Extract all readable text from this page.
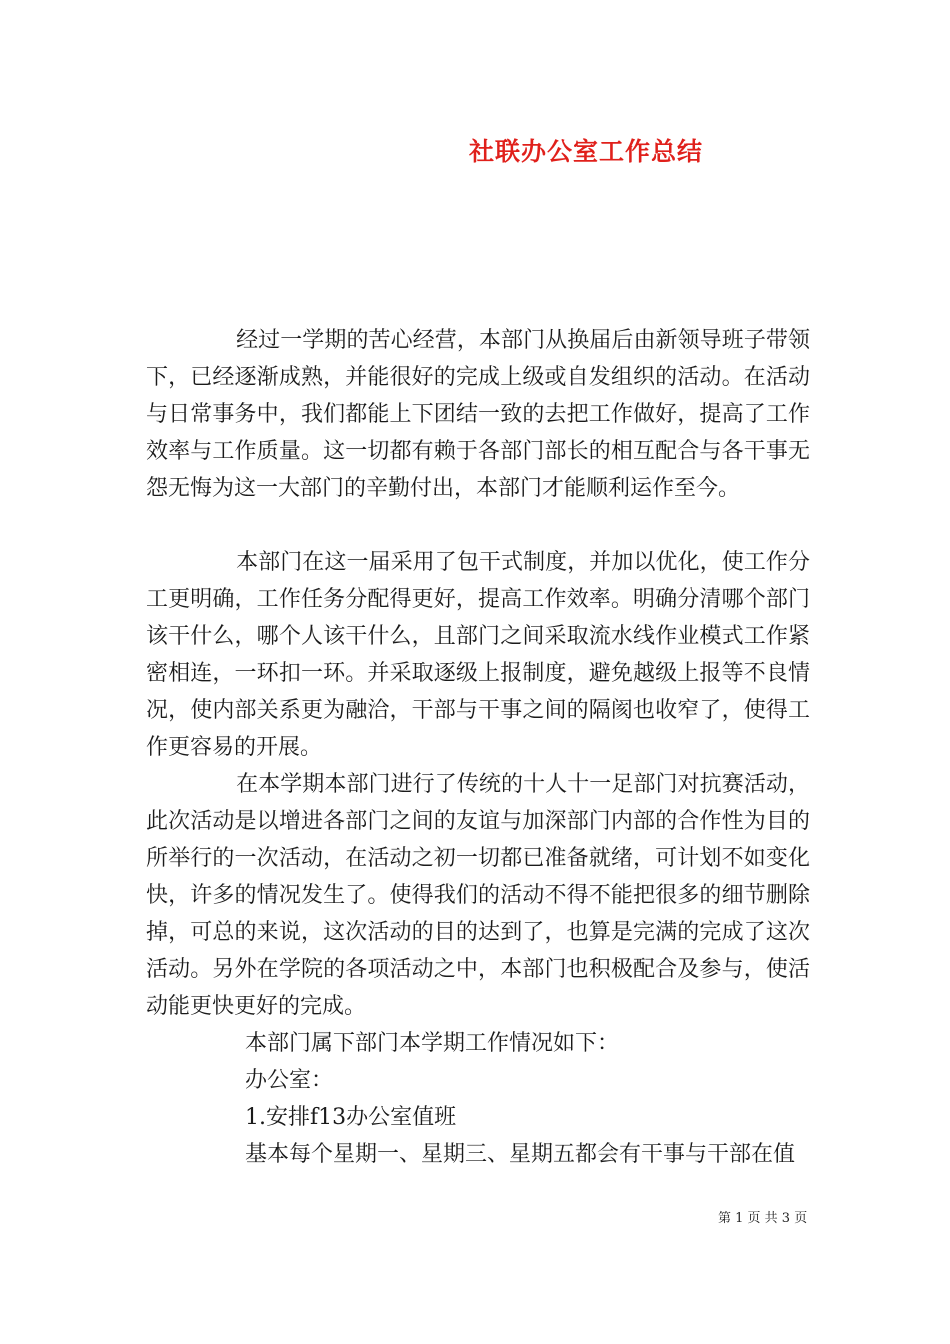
社联办公室工作总结

经过一学期的苦心经营，本部门从换届后由新领导班子带领下，已经逐渐成熟，并能很好的完成上级或自发组织的活动。在活动与日常事务中，我们都能上下团结一致的去把工作做好，提高了工作效率与工作质量。这一切都有赖于各部门部长的相互配合与各干事无怨无悔为这一大部门的辛勤付出，本部门才能顺利运作至今。

本部门在这一届采用了包干式制度，并加以优化，使工作分工更明确，工作任务分配得更好，提高工作效率。明确分清哪个部门该干什么，哪个人该干什么，且部门之间采取流水线作业模式工作紧密相连，一环扣一环。并采取逐级上报制度，避免越级上报等不良情况，使内部关系更为融洽，干部与干事之间的隔阂也收窄了，使得工作更容易的开展。

在本学期本部门进行了传统的十人十一足部门对抗赛活动，此次活动是以增进各部门之间的友谊与加深部门内部的合作性为目的所举行的一次活动，在活动之初一切都已准备就绪，可计划不如变化快，许多的情况发生了。使得我们的活动不得不能把很多的细节删除掉，可总的来说，这次活动的目的达到了，也算是完满的完成了这次活动。另外在学院的各项活动之中，本部门也积极配合及参与，使活动能更快更好的完成。

本部门属下部门本学期工作情况如下：

办公室：

1.安排f13办公室值班

基本每个星期一、星期三、星期五都会有干事与干部在值

第 1 页 共 3 页
